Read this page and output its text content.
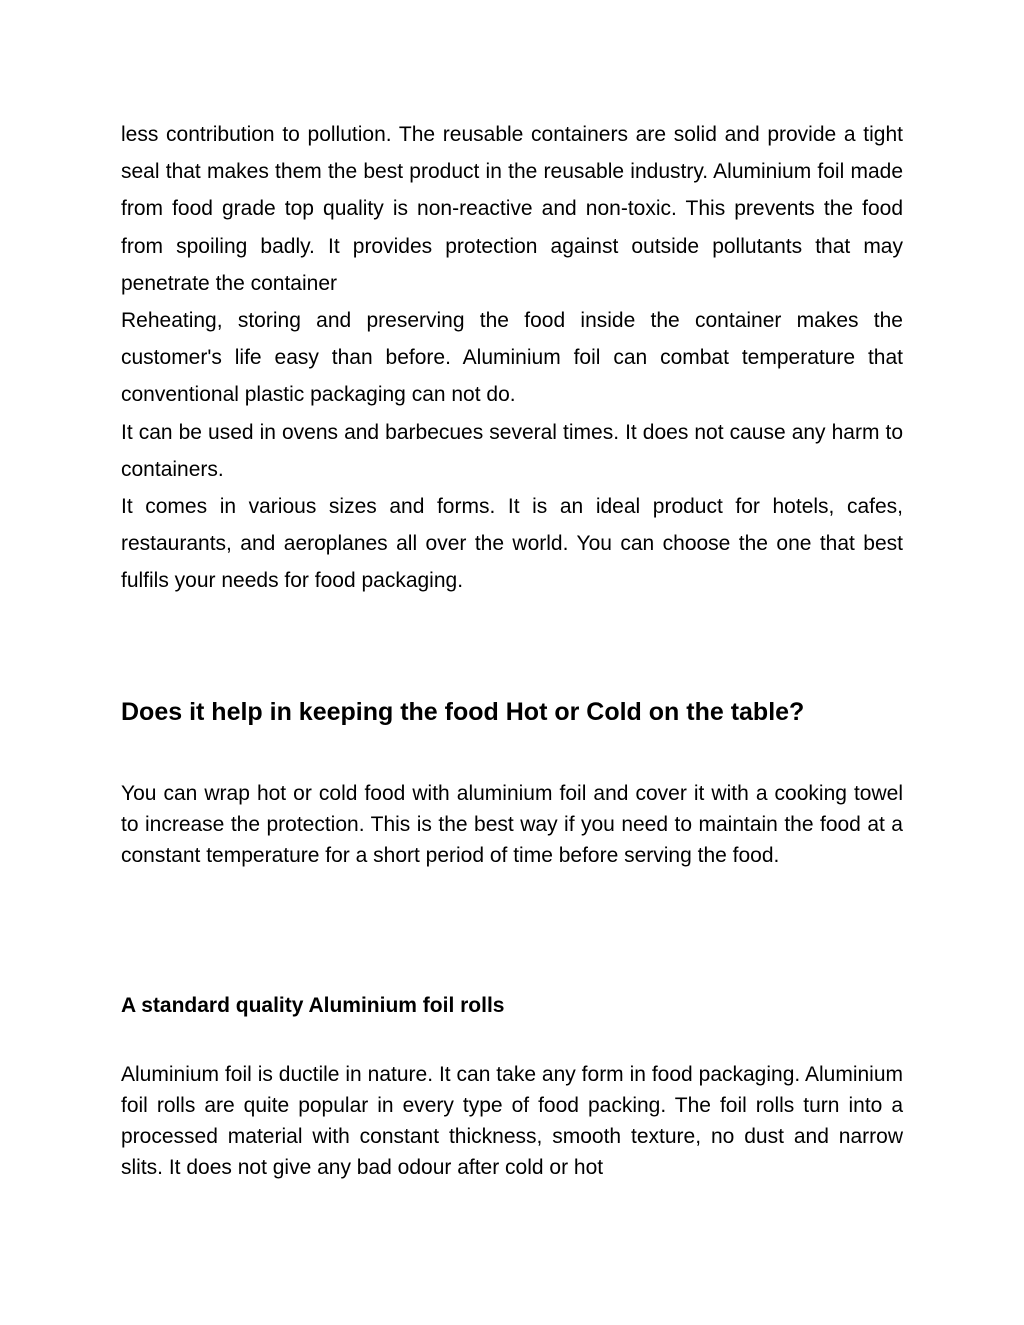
less contribution to pollution. The reusable containers are solid and provide a tight seal that makes them the best product in the reusable industry. Aluminium foil made from food grade top quality is non-reactive and non-toxic. This prevents the food from spoiling badly. It provides protection against outside pollutants that may penetrate the container

Reheating, storing and preserving the food inside the container makes the customer's life easy than before. Aluminium foil can combat temperature that conventional plastic packaging can not do.

It can be used in ovens and barbecues several times. It does not cause any harm to containers.

It comes in various sizes and forms. It is an ideal product for hotels, cafes, restaurants, and aeroplanes all over the world. You can choose the one that best fulfils your needs for food packaging.

Does it help in keeping the food Hot or Cold on the table?

You can wrap hot or cold food with aluminium foil and cover it with a cooking towel to increase the protection. This is the best way if you need to maintain the food at a constant temperature for a short period of time before serving the food.

A standard quality Aluminium foil rolls

Aluminium foil is ductile in nature. It can take any form in food packaging. Aluminium foil rolls are quite popular in every type of food packing. The foil rolls turn into a processed material with constant thickness, smooth texture, no dust and narrow slits. It does not give any bad odour after cold or hot
